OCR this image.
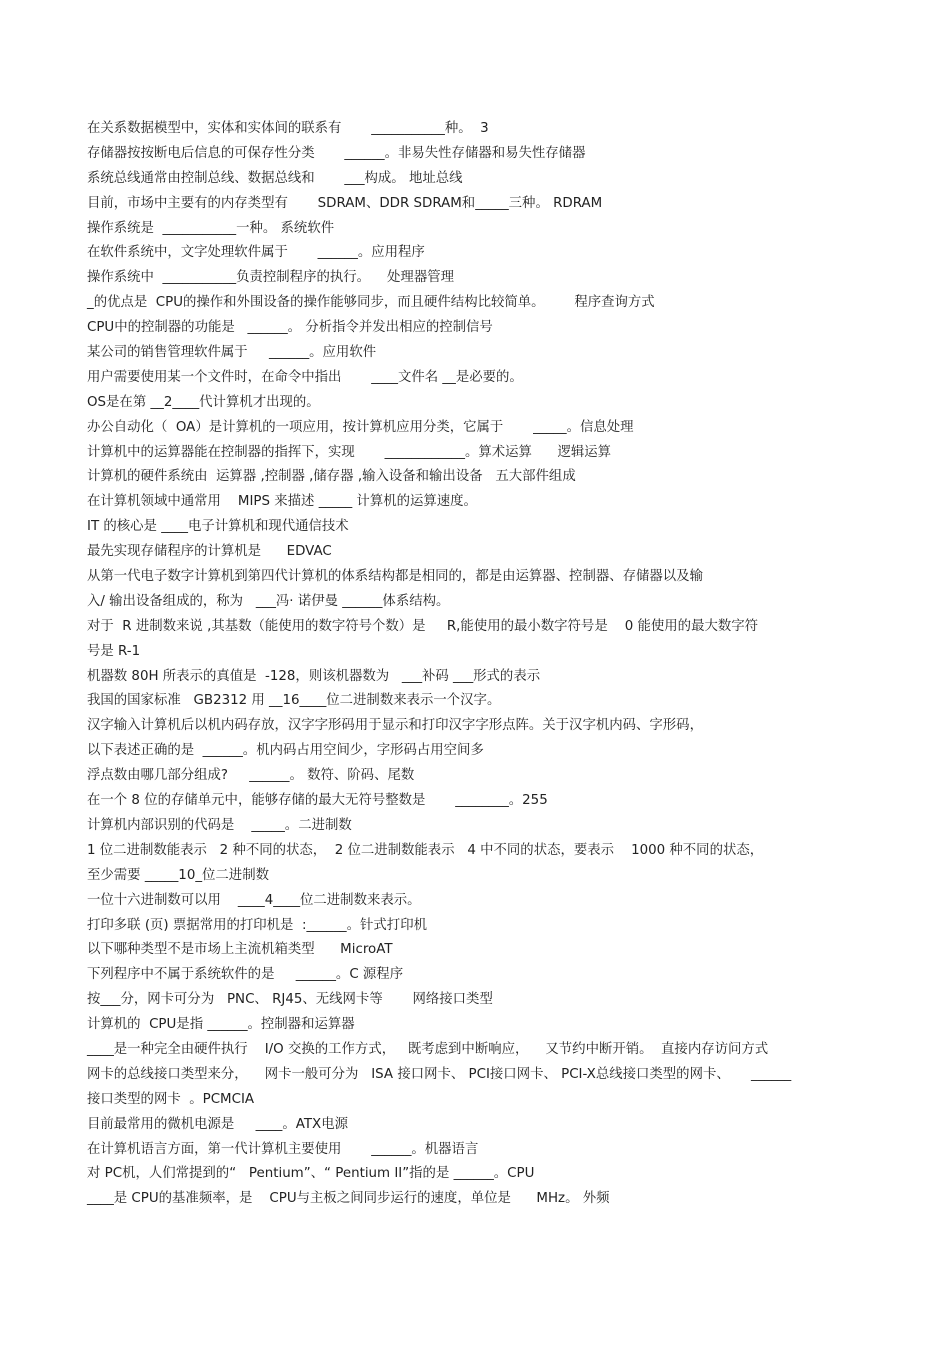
在关系数据模型中，实体和实体间的联系有       ___________种。  3
存储器按按断电后信息的可保存性分类       ______。非易失性存储器和易失性存储器
系统总线通常由控制总线、数据总线和       ___构成。 地址总线
目前，市场中主要有的内存类型有       SDRAM、DDR SDRAM和_____三种。 RDRAM
操作系统是  ___________一种。 系统软件
在软件系统中，文字处理软件属于       ______。应用程序
操作系统中  ___________负责控制程序的执行。    处理器管理
_的优点是  CPU的操作和外围设备的操作能够同步，而且硬件结构比较简单。       程序查询方式
CPU中的控制器的功能是   ______。 分析指令并发出相应的控制信号
某公司的销售管理软件属于     ______。应用软件
用户需要使用某一个文件时，在命令中指出       ____文件名 __是必要的。
OS是在第 __2____代计算机才出现的。
办公自动化（  OA）是计算机的一项应用，按计算机应用分类，它属于       _____。信息处理
计算机中的运算器能在控制器的指挥下，实现       ____________。算术运算      逻辑运算
计算机的硬件系统由  运算器 ,控制器 ,储存器 ,输入设备和输出设备   五大部件组成
在计算机领域中通常用    MIPS 来描述 _____ 计算机的运算速度。
IT 的核心是 ____电子计算机和现代通信技术
最先实现存储程序的计算机是      EDVAC
从第一代电子数字计算机到第四代计算机的体系结构都是相同的，都是由运算器、控制器、存储器以及输
入/ 输出设备组成的，称为   ___冯· 诺伊曼 ______体系结构。
对于  R 进制数来说 ,其基数（能使用的数字符号个数）是     R,能使用的最小数字符号是    0 能使用的最大数字符
号是 R-1
机器数 80H 所表示的真值是  -128，则该机器数为   ___补码 ___形式的表示
我国的国家标准   GB2312 用 __16____位二进制数来表示一个汉字。
汉字输入计算机后以机内码存放，汉字字形码用于显示和打印汉字字形点阵。关于汉字机内码、字形码，
以下表述正确的是  ______。机内码占用空间少，字形码占用空间多
浮点数由哪几部分组成?     ______。 数符、阶码、尾数
在一个 8 位的存储单元中，能够存储的最大无符号整数是       ________。255
计算机内部识别的代码是    _____。二进制数
1 位二进制数能表示   2 种不同的状态，  2 位二进制数能表示   4 中不同的状态，要表示    1000 种不同的状态，
至少需要 _____10_位二进制数
一位十六进制数可以用    ____4____位二进制数来表示。
打印多联 (页) 票据常用的打印机是  :______。针式打印机
以下哪种类型不是市场上主流机箱类型      MicroAT
下列程序中不属于系统软件的是     ______。C 源程序
按___分，网卡可分为   PNC、 RJ45、无线网卡等       网络接口类型
计算机的  CPU是指 ______。控制器和运算器
____是一种完全由硬件执行    I/O 交换的工作方式，   既考虑到中断响应，    又节约中断开销。  直接内存访问方式
网卡的总线接口类型来分，    网卡一般可分为   ISA 接口网卡、 PCI接口网卡、 PCI-X总线接口类型的网卡、     ______
接口类型的网卡  。PCMCIA
目前最常用的微机电源是     ____。ATX电源
在计算机语言方面，第一代计算机主要使用       ______。机器语言
对 PC机，人们常提到的“   Pentium”、“ Pentium II”指的是 ______。CPU
____是 CPU的基准频率，是    CPU与主板之间同步运行的速度，单位是      MHz。 外频
